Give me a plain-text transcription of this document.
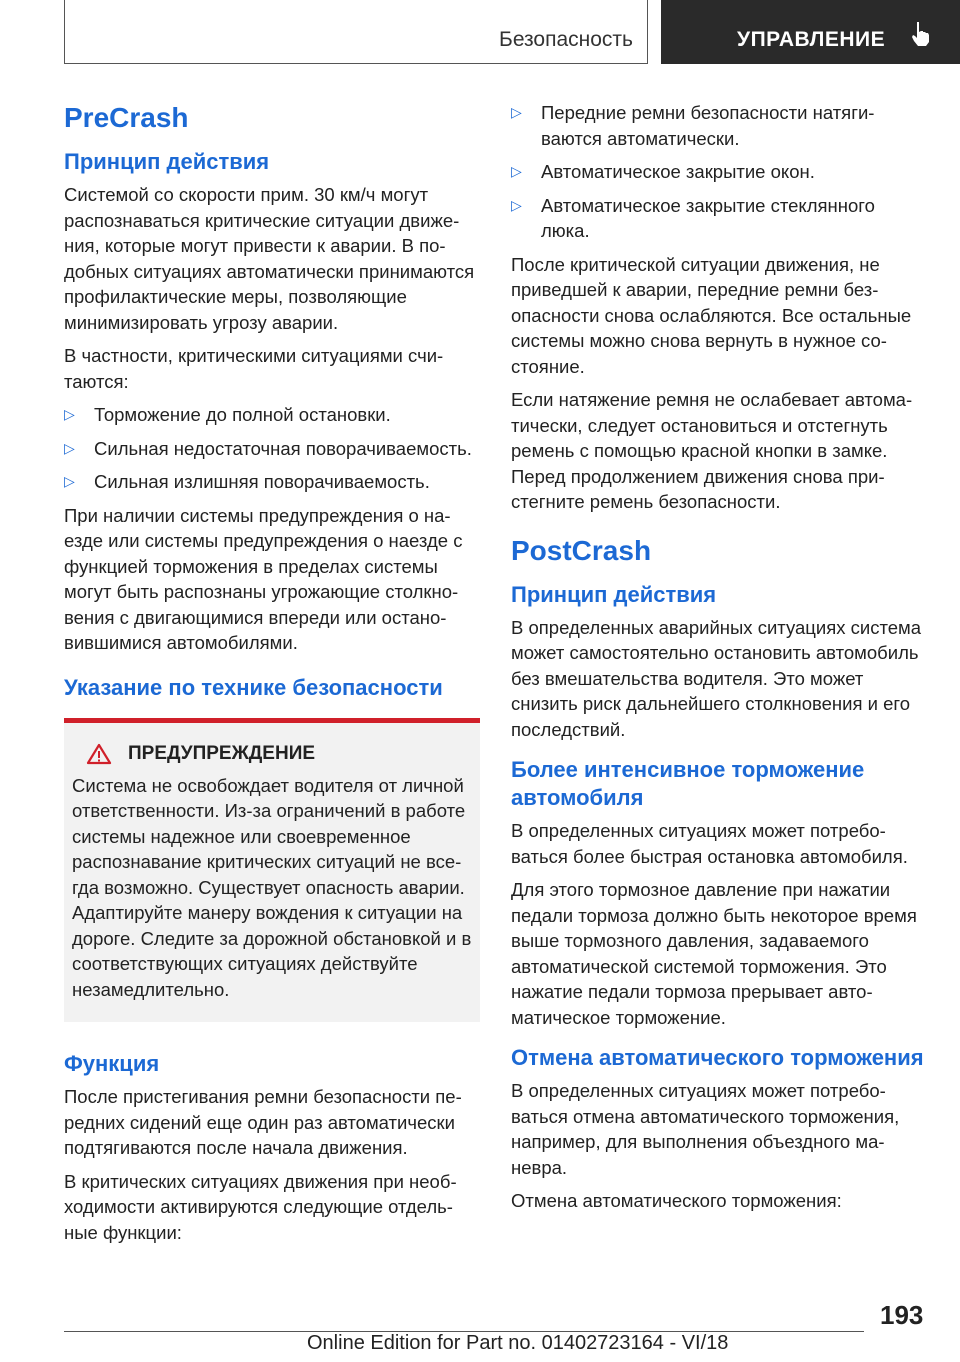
Безопасность	УПРАВЛЕНИЕ
PreCrash
Принцип действия

Системой со скорости прим. 30 км/ч могут распознаваться критические ситуации движения, которые могут привести к аварии. В подобных ситуациях автоматически принимаются профилактические меры, позволяющие минимизировать угрозу аварии.

В частности, критическими ситуациями считаются:

▷	Торможение до полной остановки.
▷	Сильная недостаточная поворачиваемость.
▷	Сильная излишняя поворачиваемость.

При наличии системы предупреждения о наезде или системы предупреждения о наезде с функцией торможения в пределах системы могут быть распознаны угрожающие столкновения с двигающимися впереди или остановившимися автомобилями.

Указание по технике безопасности
ПРЕДУПРЕЖДЕНИЕ

Система не освобождает водителя от личной ответственности. Из-за ограничений в работе системы надежное или своевременное распознавание критических ситуаций не всегда возможно. Существует опасность аварии. Адаптируйте манеру вождения к ситуации на дороге. Следите за дорожной обстановкой и в соответствующих ситуациях действуйте незамедлительно.

Функция

После пристегивания ремни безопасности передних сидений еще один раз автоматически подтягиваются после начала движения.

В критических ситуациях движения при необходимости активируются следующие отдельные функции:

▷	Передние ремни безопасности натягиваются автоматически.
▷	Автоматическое закрытие окон.
▷	Автоматическое закрытие стеклянного люка.

После критической ситуации движения, не приведшей к аварии, передние ремни безопасности снова ослабляются. Все остальные системы можно снова вернуть в нужное состояние.

Если натяжение ремня не ослабевает автоматически, следует остановиться и отстегнуть ремень с помощью красной кнопки в замке. Перед продолжением движения снова пристегните ремень безопасности.

PostCrash
Принцип действия

В определенных аварийных ситуациях система может самостоятельно остановить автомобиль без вмешательства водителя. Это может снизить риск дальнейшего столкновения и его последствий.

Более интенсивное торможение автомобиля

В определенных ситуациях может потребоваться более быстрая остановка автомобиля.

Для этого тормозное давление при нажатии педали тормоза должно быть некоторое время выше тормозного давления, задаваемого автоматической системой торможения. Это нажатие педали тормоза прерывает автоматическое торможение.

Отмена автоматического торможения

В определенных ситуациях может потребоваться отмена автоматического торможения, например, для выполнения объездного маневра.

Отмена автоматического торможения:

193
Online Edition for Part no. 01402723164 - VI/18
